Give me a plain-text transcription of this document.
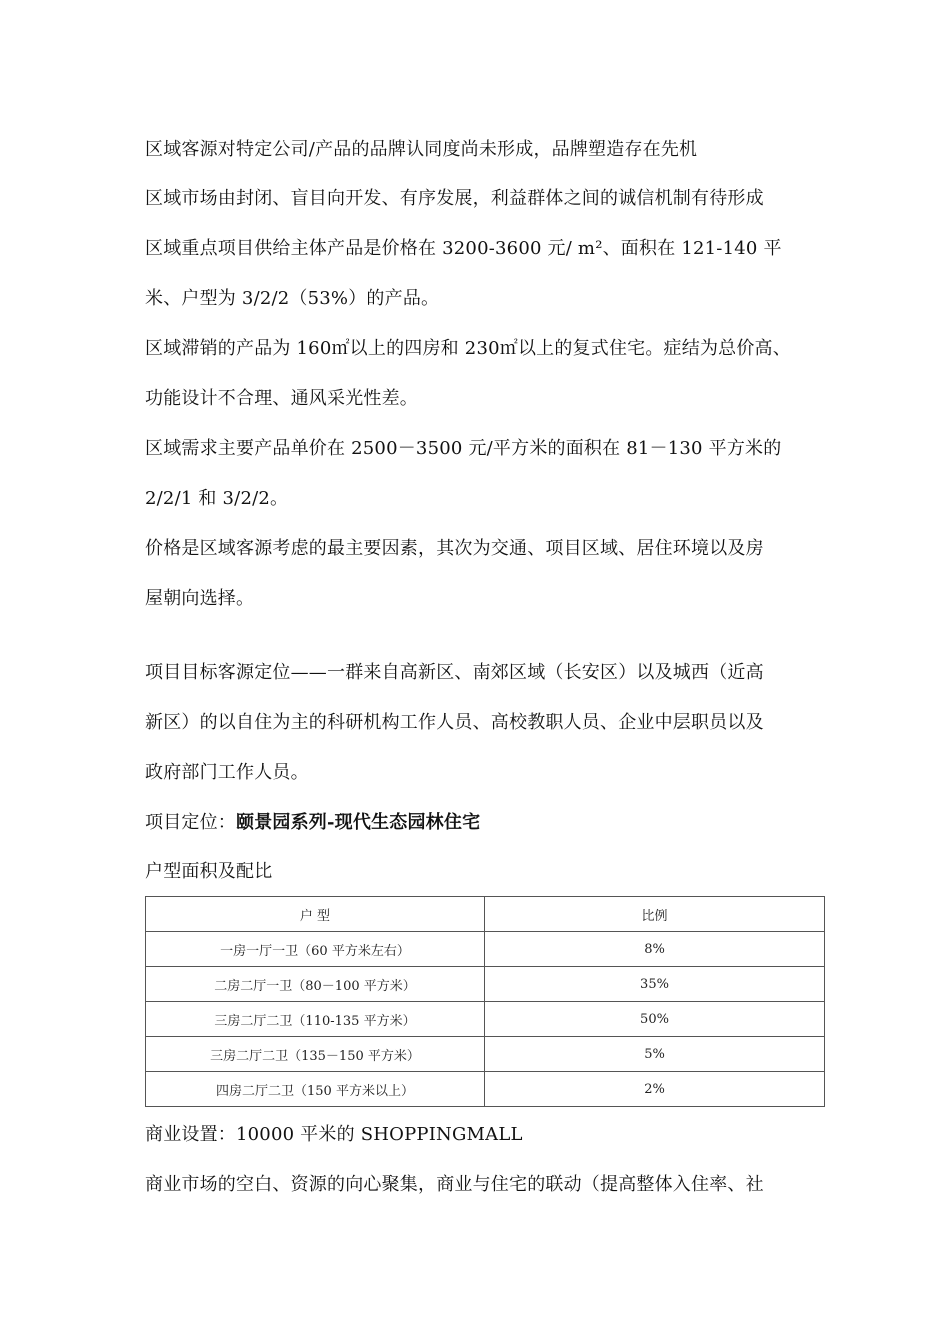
区域客源对特定公司/产品的品牌认同度尚未形成，品牌塑造存在先机
区域市场由封闭、盲目向开发、有序发展，利益群体之间的诚信机制有待形成
区域重点项目供给主体产品是价格在 3200-3600 元/ m²、面积在 121-140 平
米、户型为 3/2/2（53%）的产品。
区域滞销的产品为 160㎡以上的四房和 230㎡以上的复式住宅。症结为总价高、
功能设计不合理、通风采光性差。
区域需求主要产品单价在 2500－3500 元/平方米的面积在 81－130 平方米的
2/2/1 和 3/2/2。
价格是区域客源考虑的最主要因素，其次为交通、项目区域、居住环境以及房
屋朝向选择。
项目目标客源定位——一群来自高新区、南郊区域（长安区）以及城西（近高
新区）的以自住为主的科研机构工作人员、高校教职人员、企业中层职员以及
政府部门工作人员。
项目定位：颐景园系列-现代生态园林住宅
户型面积及配比
户 型	比例
一房一厅一卫（60 平方米左右）	8%
二房二厅一卫（80－100 平方米）	35%
三房二厅二卫（110-135 平方米）	50%
三房二厅二卫（135－150 平方米）	5%
四房二厅二卫（150 平方米以上）	2%
商业设置：10000 平米的 SHOPPINGMALL
商业市场的空白、资源的向心聚集，商业与住宅的联动（提高整体入住率、社
